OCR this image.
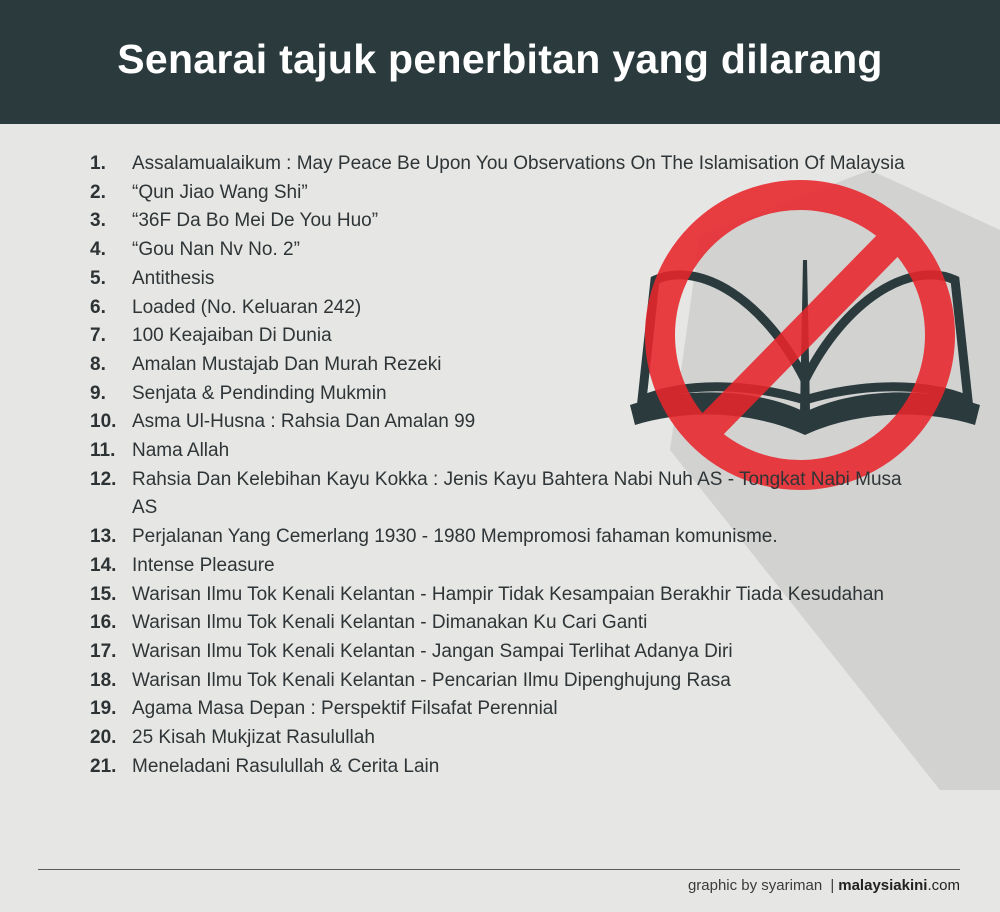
Senarai tajuk penerbitan yang dilarang
1.	Assalamualaikum : May Peace Be Upon You Observations On The Islamisation Of Malaysia
2.	“Qun Jiao Wang Shi”
3.	“36F Da Bo Mei De You Huo”
4.	“Gou Nan Nv No. 2”
5.	Antithesis
6.	Loaded (No. Keluaran 242)
7.	100 Keajaiban Di Dunia
8.	Amalan Mustajab Dan Murah Rezeki
9.	Senjata & Pendinding Mukmin
10. Asma Ul-Husna : Rahsia Dan Amalan 99
11. Nama Allah
12. Rahsia Dan Kelebihan Kayu Kokka : Jenis Kayu Bahtera Nabi Nuh AS - Tongkat Nabi Musa AS
13. Perjalanan Yang Cemerlang 1930 - 1980 Mempromosi fahaman komunisme.
14. Intense Pleasure
15. Warisan Ilmu Tok Kenali Kelantan - Hampir Tidak Kesampaian Berakhir Tiada Kesudahan
16. Warisan Ilmu Tok Kenali Kelantan - Dimanakan Ku Cari Ganti
17. Warisan Ilmu Tok Kenali Kelantan - Jangan Sampai Terlihat Adanya Diri
18. Warisan Ilmu Tok Kenali Kelantan - Pencarian Ilmu Dipenghujung Rasa
19. Agama Masa Depan : Perspektif Filsafat Perennial
20. 25 Kisah Mukjizat Rasulullah
21. Meneladani Rasulullah & Cerita Lain
graphic by syariman | malaysiakini.com
